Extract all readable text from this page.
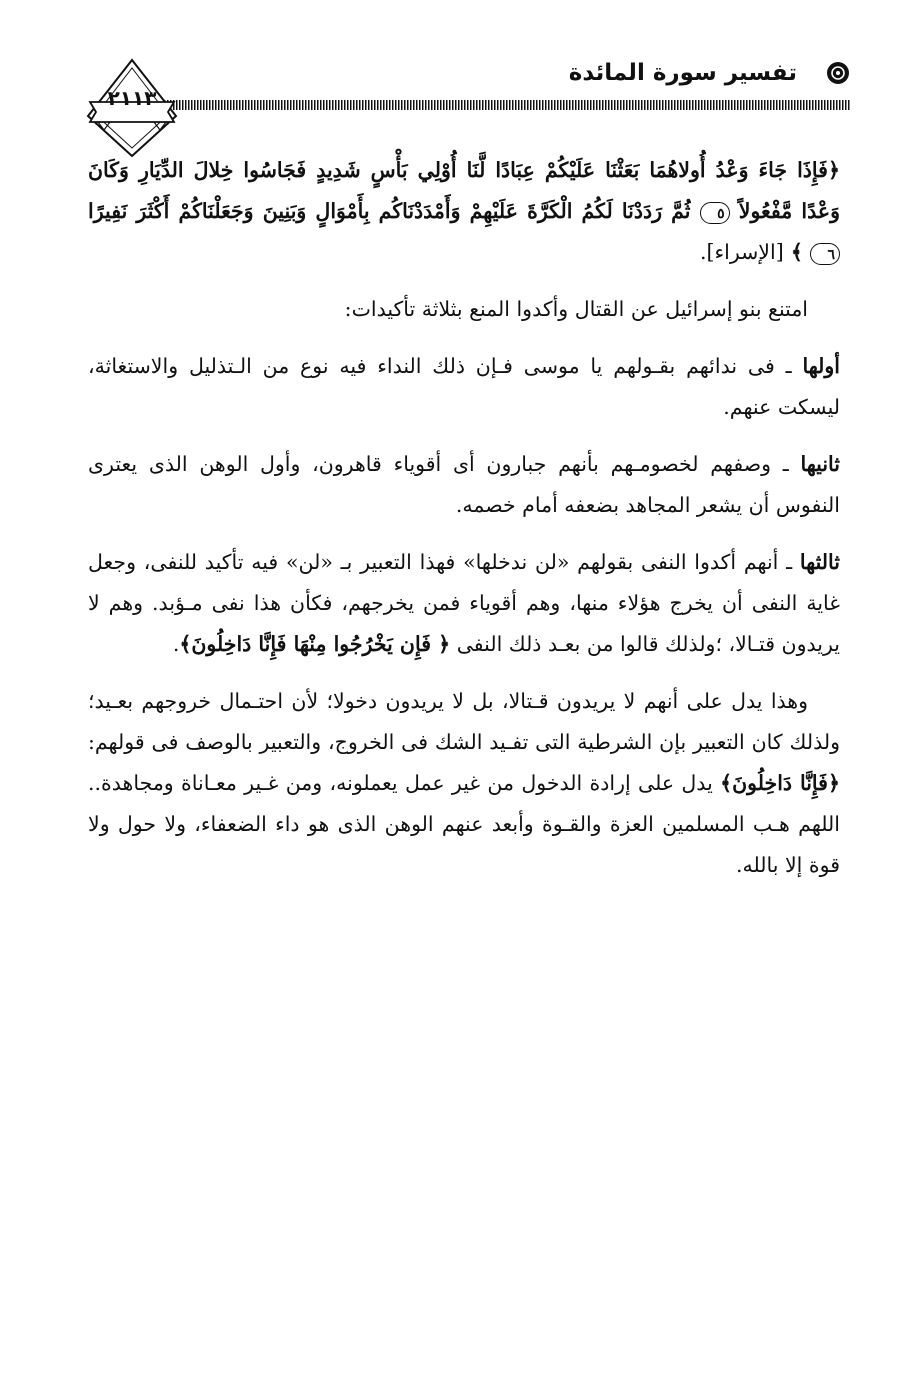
تفسير سورة المائدة
٢١١٣

﴿فَإِذَا جَاءَ وَعْدُ أُولاهُمَا بَعَثْنَا عَلَيْكُمْ عِبَادًا لَّنَا أُوْلِي بَأْسٍ شَدِيدٍ فَجَاسُوا خِلالَ الدِّيَارِ وَكَانَ وَعْدًا مَّفْعُولاً ٥ ثُمَّ رَدَدْنَا لَكُمُ الْكَرَّةَ عَلَيْهِمْ وَأَمْدَدْنَاكُم بِأَمْوَالٍ وَبَنِينَ وَجَعَلْنَاكُمْ أَكْثَرَ نَفِيرًا ٦ ﴾ [الإسراء].

امتنع بنو إسرائيل عن القتال وأكدوا المنع بثلاثة تأكيدات:

أولها ـ فى ندائهم بقـولهم يا موسى فـإن ذلك النداء فيه نوع من الـتذليل والاستغاثة، ليسكت عنهم.

ثانيها ـ وصفهم لخصومـهم بأنهم جبارون أى أقوياء قاهرون، وأول الوهن الذى يعترى النفوس أن يشعر المجاهد بضعفه أمام خصمه.

ثالثها ـ أنهم أكدوا النفى بقولهم «لن ندخلها» فهذا التعبير بـ «لن» فيه تأكيد للنفى، وجعل غاية النفى أن يخرج هؤلاء منها، وهم أقوياء فمن يخرجهم، فكأن هذا نفى مـؤبد. وهم لا يريدون قتـالا، ؛ولذلك قالوا من بعـد ذلك النفى ﴿ فَإِن يَخْرُجُوا مِنْهَا فَإِنَّا دَاخِلُونَ﴾.

وهذا يدل على أنهم لا يريدون قـتالا، بل لا يريدون دخولا؛ لأن احتـمال خروجهم بعـيد؛ ولذلك كان التعبير بإن الشرطية التى تفـيد الشك فى الخروج، والتعبير بالوصف فى قولهم: ﴿فَإِنَّا دَاخِلُونَ﴾ يدل على إرادة الدخول من غير عمل يعملونه، ومن غـير معـاناة ومجاهدة.. اللهم هـب المسلمين العزة والقـوة وأبعد عنهم الوهن الذى هو داء الضعفاء، ولا حول ولا قوة إلا بالله.
